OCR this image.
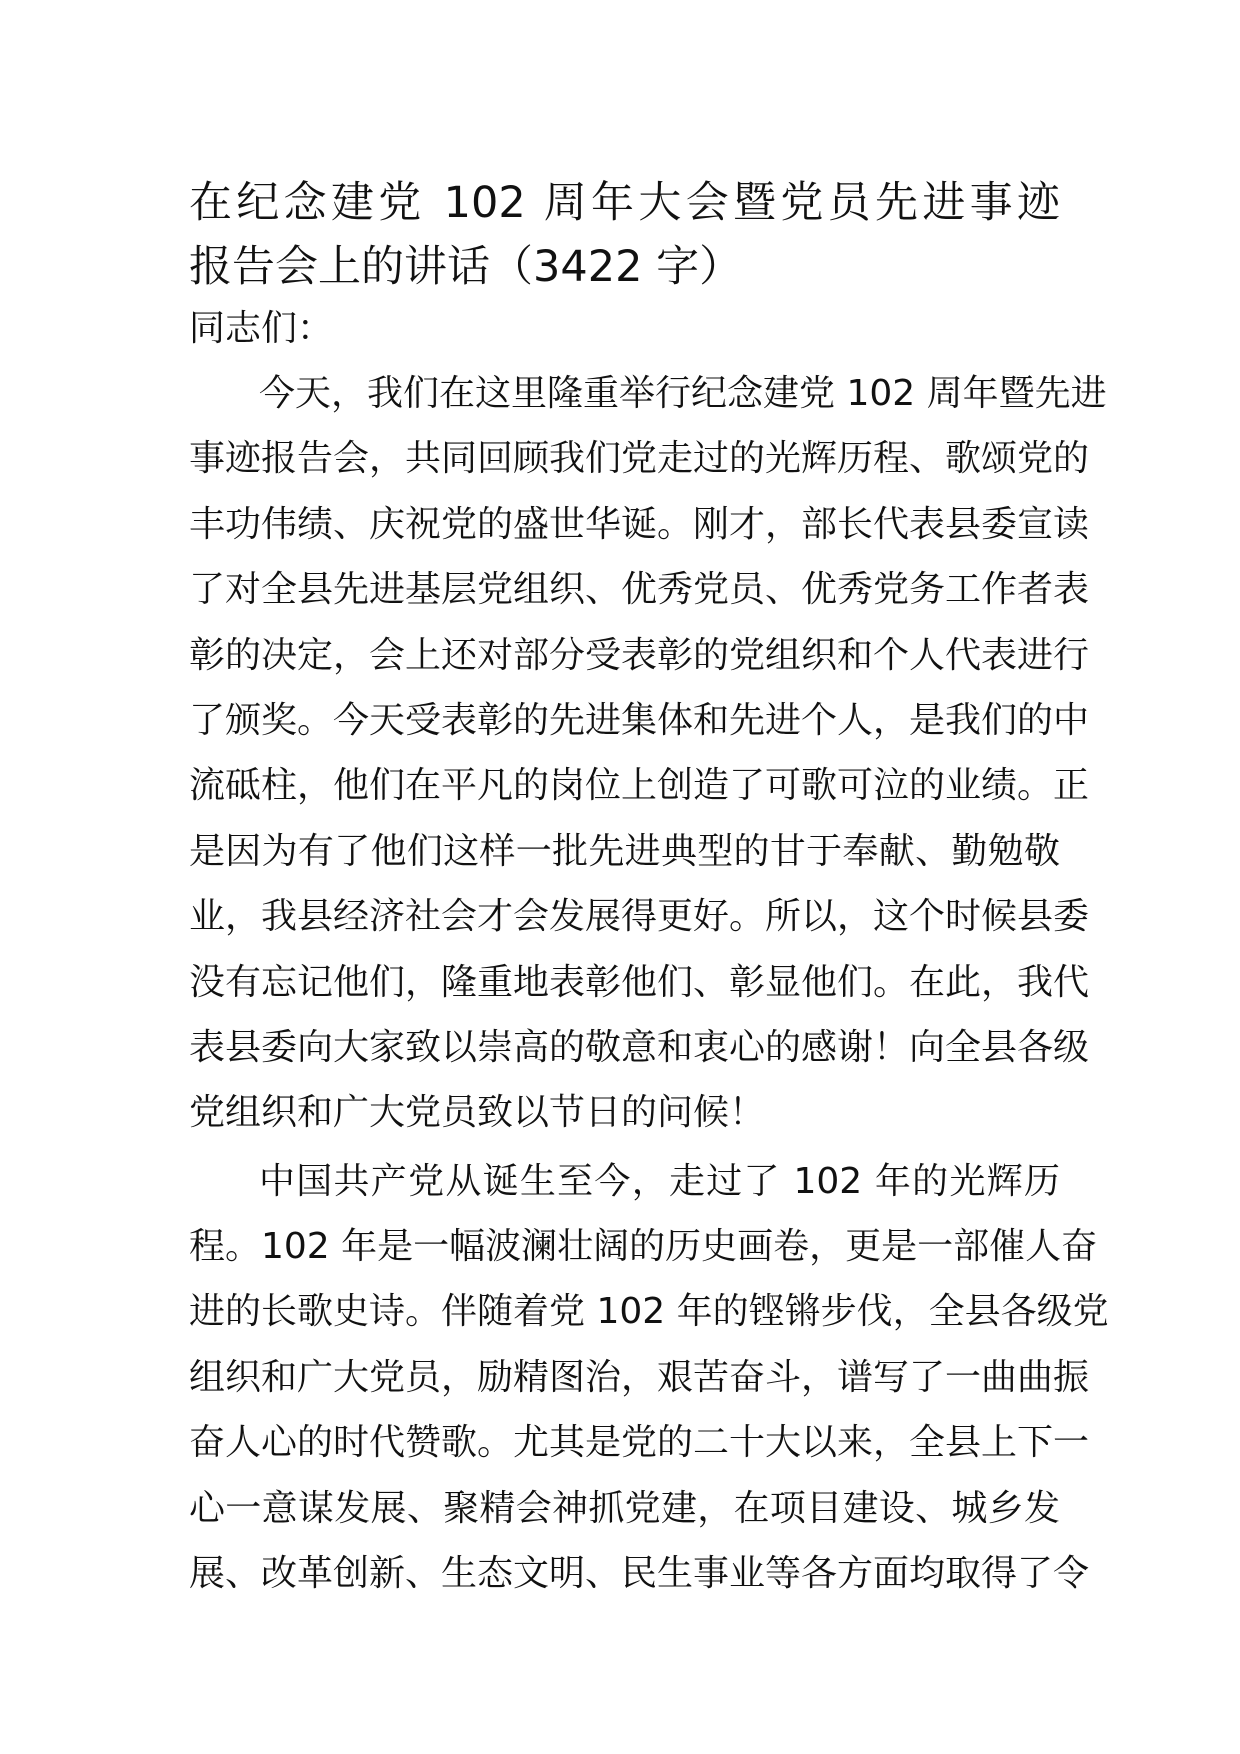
在纪念建党 102 周年大会暨党员先进事迹
报告会上的讲话（3422 字）
同志们：
今天，我们在这里隆重举行纪念建党 102 周年暨先进
事迹报告会，共同回顾我们党走过的光辉历程、歌颂党的
丰功伟绩、庆祝党的盛世华诞。刚才，部长代表县委宣读
了对全县先进基层党组织、优秀党员、优秀党务工作者表
彰的决定，会上还对部分受表彰的党组织和个人代表进行
了颁奖。今天受表彰的先进集体和先进个人，是我们的中
流砥柱，他们在平凡的岗位上创造了可歌可泣的业绩。正
是因为有了他们这样一批先进典型的甘于奉献、勤勉敬
业，我县经济社会才会发展得更好。所以，这个时候县委
没有忘记他们，隆重地表彰他们、彰显他们。在此，我代
表县委向大家致以崇高的敬意和衷心的感谢！向全县各级
党组织和广大党员致以节日的问候！
中国共产党从诞生至今，走过了 102 年的光辉历
程。102 年是一幅波澜壮阔的历史画卷，更是一部催人奋
进的长歌史诗。伴随着党 102 年的铿锵步伐，全县各级党
组织和广大党员，励精图治，艰苦奋斗，谱写了一曲曲振
奋人心的时代赞歌。尤其是党的二十大以来，全县上下一
心一意谋发展、聚精会神抓党建，在项目建设、城乡发
展、改革创新、生态文明、民生事业等各方面均取得了令
